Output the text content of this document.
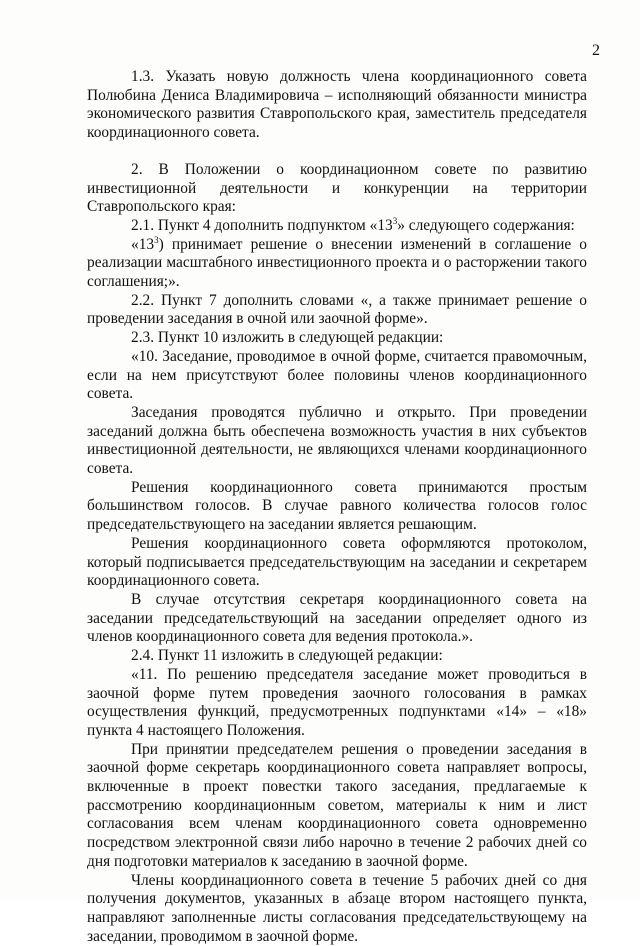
2

1.3. Указать новую должность члена координационного совета Полюбина Дениса Владимировича – исполняющий обязанности министра экономического развития Ставропольского края, заместитель председателя координационного совета.

2. В Положении о координационном совете по развитию инвестиционной деятельности и конкуренции на территории Ставропольского края:

2.1. Пункт 4 дополнить подпунктом «$13^3$» следующего содержания:

«$13^3$) принимает решение о внесении изменений в соглашение о реализации масштабного инвестиционного проекта и о расторжении такого соглашения;».

2.2. Пункт 7 дополнить словами «, а также принимает решение о проведении заседания в очной или заочной форме».

2.3. Пункт 10 изложить в следующей редакции:

«10. Заседание, проводимое в очной форме, считается правомочным, если на нем присутствуют более половины членов координационного совета.

Заседания проводятся публично и открыто. При проведении заседаний должна быть обеспечена возможность участия в них субъектов инвестиционной деятельности, не являющихся членами координационного совета.

Решения координационного совета принимаются простым большинством голосов. В случае равного количества голосов голос председательствующего на заседании является решающим.

Решения координационного совета оформляются протоколом, который подписывается председательствующим на заседании и секретарем координационного совета.

В случае отсутствия секретаря координационного совета на заседании председательствующий на заседании определяет одного из членов координационного совета для ведения протокола.».

2.4. Пункт 11 изложить в следующей редакции:

«11. По решению председателя заседание может проводиться в заочной форме путем проведения заочного голосования в рамках осуществления функций, предусмотренных подпунктами «14» – «18» пункта 4 настоящего Положения.

При принятии председателем решения о проведении заседания в заочной форме секретарь координационного совета направляет вопросы, включенные в проект повестки такого заседания, предлагаемые к рассмотрению координационным советом, материалы к ним и лист согласования всем членам координационного совета одновременно посредством электронной связи либо нарочно в течение 2 рабочих дней со дня подготовки материалов к заседанию в заочной форме.

Члены координационного совета в течение 5 рабочих дней со дня получения документов, указанных в абзаце втором настоящего пункта, направляют заполненные листы согласования председательствующему на заседании, проводимом в заочной форме.
